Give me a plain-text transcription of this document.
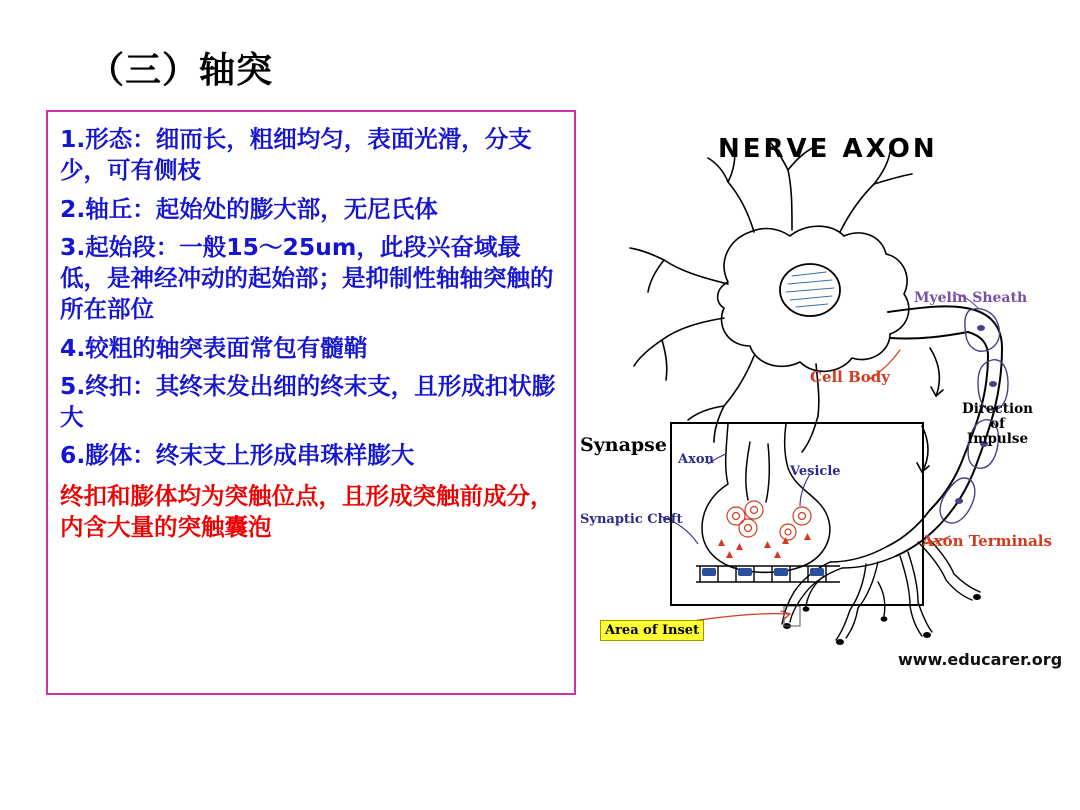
（三）轴突

1.形态：细而长，粗细均匀，表面光滑，分支少，可有侧枝

2.轴丘：起始处的膨大部，无尼氏体

3.起始段：一般15～25um，此段兴奋域最低，是神经冲动的起始部；是抑制性轴轴突触的所在部位

4.较粗的轴突表面常包有髓鞘

5.终扣：其终末发出细的终末支，且形成扣状膨大

6.膨体：终末支上形成串珠样膨大

终扣和膨体均为突触位点，且形成突触前成分，内含大量的突触囊泡

NERVE AXON
Myelin Sheath
Cell Body
Direction
of
Impulse
Axon Terminals
Synapse
Axon
Vesicle
Synaptic Cleft
Area of Inset
www.educarer.org
